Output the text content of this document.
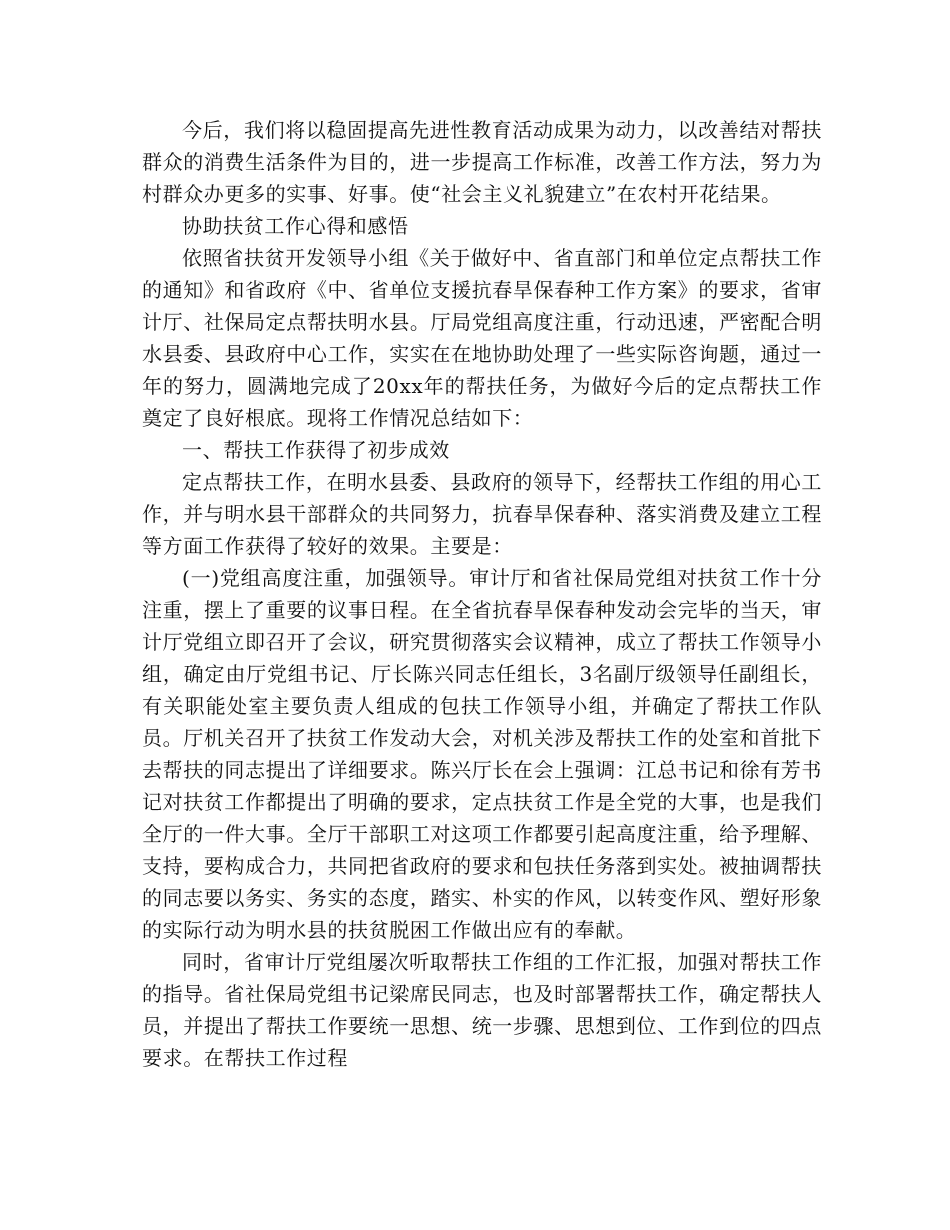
今后，我们将以稳固提高先进性教育活动成果为动力，以改善结对帮扶群众的消费生活条件为目的，进一步提高工作标准，改善工作方法，努力为村群众办更多的实事、好事。使“社会主义礼貌建立”在农村开花结果。

协助扶贫工作心得和感悟

依照省扶贫开发领导小组《关于做好中、省直部门和单位定点帮扶工作的通知》和省政府《中、省单位支援抗春旱保春种工作方案》的要求，省审计厅、社保局定点帮扶明水县。厅局党组高度注重，行动迅速，严密配合明水县委、县政府中心工作，实实在在地协助处理了一些实际咨询题，通过一年的努力，圆满地完成了20xx年的帮扶任务，为做好今后的定点帮扶工作奠定了良好根底。现将工作情况总结如下：

一、帮扶工作获得了初步成效

定点帮扶工作，在明水县委、县政府的领导下，经帮扶工作组的用心工作，并与明水县干部群众的共同努力，抗春旱保春种、落实消费及建立工程等方面工作获得了较好的效果。主要是：

(一)党组高度注重，加强领导。审计厅和省社保局党组对扶贫工作十分注重，摆上了重要的议事日程。在全省抗春旱保春种发动会完毕的当天，审计厅党组立即召开了会议，研究贯彻落实会议精神，成立了帮扶工作领导小组，确定由厅党组书记、厅长陈兴同志任组长，3名副厅级领导任副组长，有关职能处室主要负责人组成的包扶工作领导小组，并确定了帮扶工作队员。厅机关召开了扶贫工作发动大会，对机关涉及帮扶工作的处室和首批下去帮扶的同志提出了详细要求。陈兴厅长在会上强调：江总书记和徐有芳书记对扶贫工作都提出了明确的要求，定点扶贫工作是全党的大事，也是我们全厅的一件大事。全厅干部职工对这项工作都要引起高度注重，给予理解、支持，要构成合力，共同把省政府的要求和包扶任务落到实处。被抽调帮扶的同志要以务实、务实的态度，踏实、朴实的作风，以转变作风、塑好形象的实际行动为明水县的扶贫脱困工作做出应有的奉献。

同时，省审计厅党组屡次听取帮扶工作组的工作汇报，加强对帮扶工作的指导。省社保局党组书记梁席民同志，也及时部署帮扶工作，确定帮扶人员，并提出了帮扶工作要统一思想、统一步骤、思想到位、工作到位的四点要求。在帮扶工作过程
